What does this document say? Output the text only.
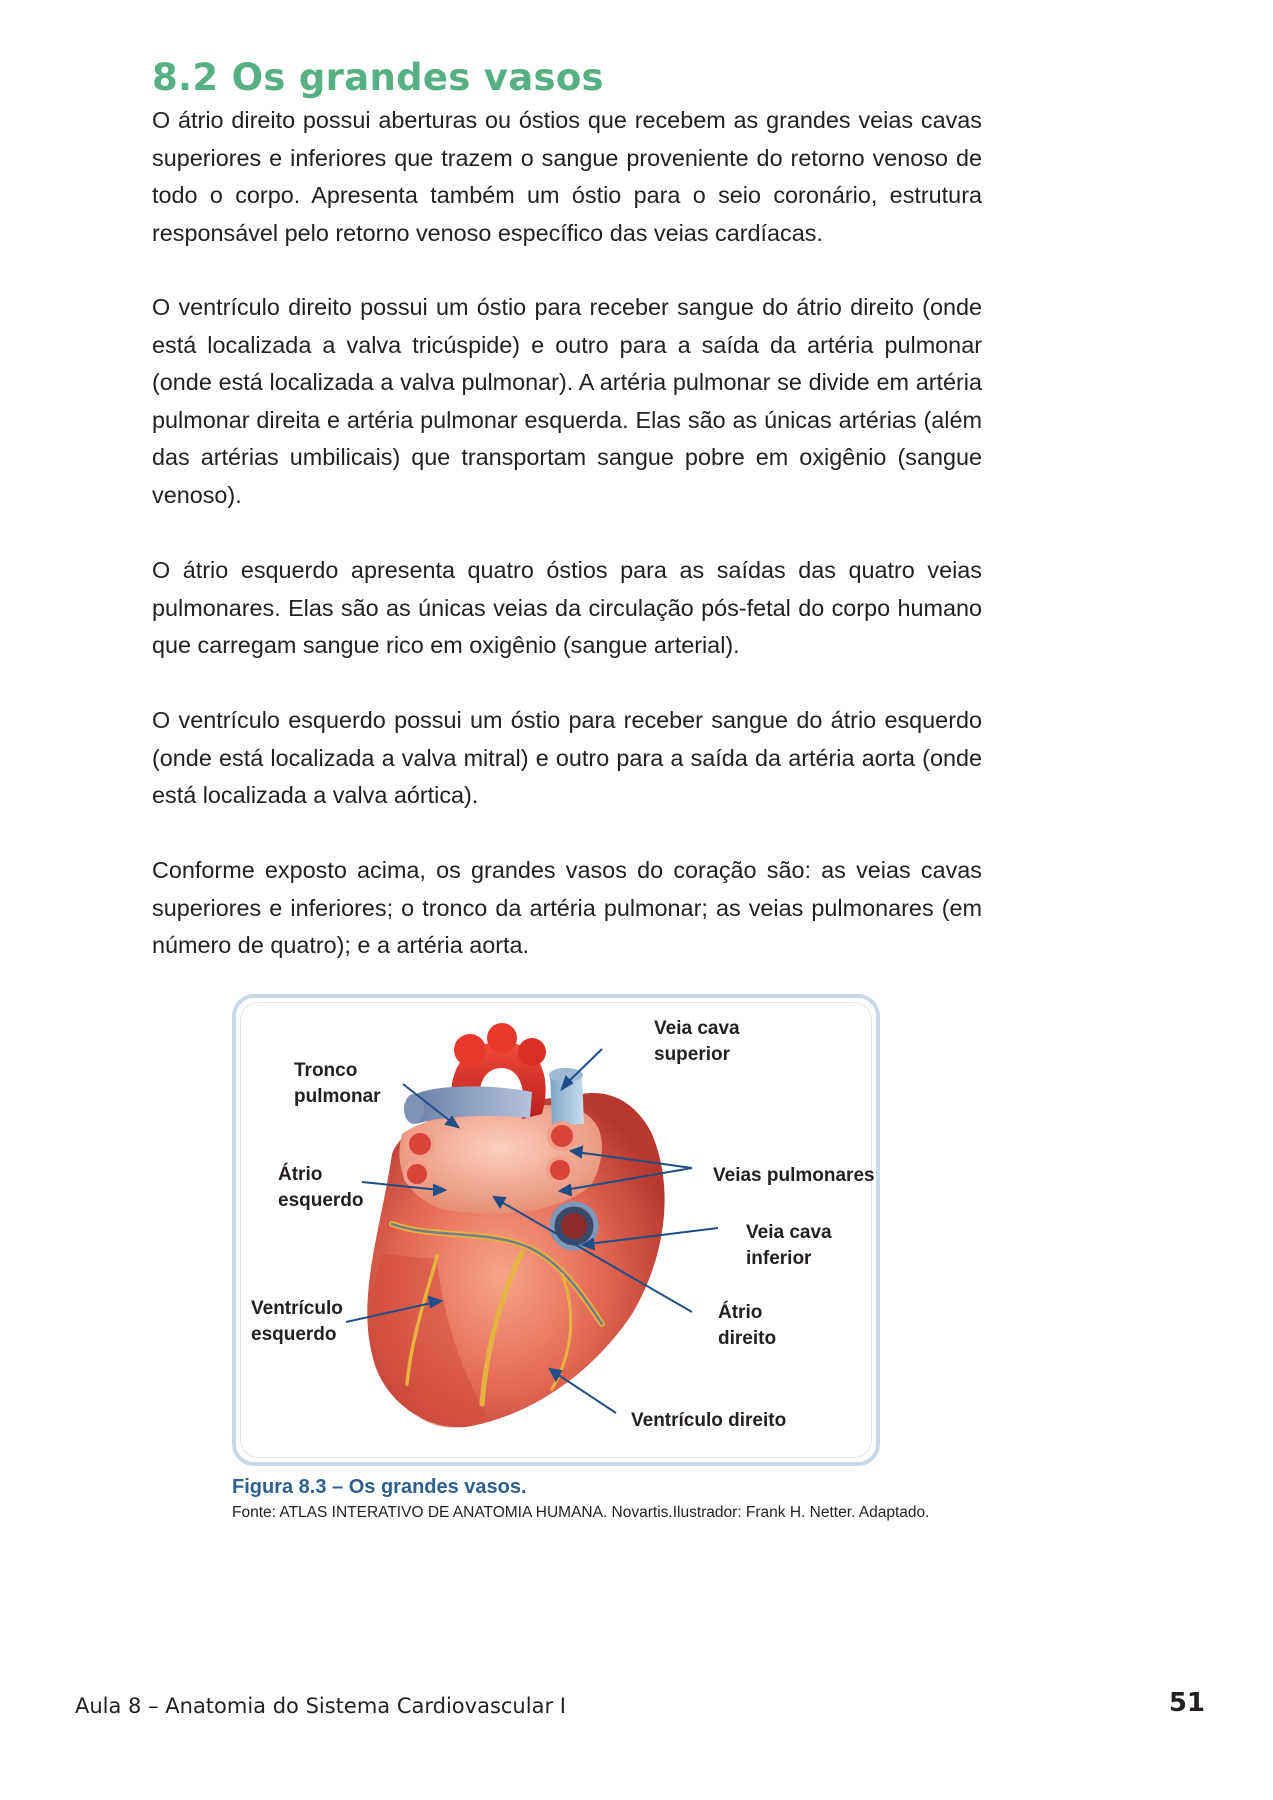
8.2 Os grandes vasos

O átrio direito possui aberturas ou óstios que recebem as grandes veias cavas superiores e inferiores que trazem o sangue proveniente do retorno venoso de todo o corpo. Apresenta também um óstio para o seio coronário, estrutura responsável pelo retorno venoso específico das veias cardíacas.

O ventrículo direito possui um óstio para receber sangue do átrio direito (onde está localizada a valva tricúspide) e outro para a saída da artéria pulmonar (onde está localizada a valva pulmonar). A artéria pulmonar se divide em artéria pulmonar direita e artéria pulmonar esquerda. Elas são as únicas artérias (além das artérias umbilicais) que transportam sangue pobre em oxigênio (sangue venoso).

O átrio esquerdo apresenta quatro óstios para as saídas das quatro veias pulmonares. Elas são as únicas veias da circulação pós-fetal do corpo humano que carregam sangue rico em oxigênio (sangue arterial).

O ventrículo esquerdo possui um óstio para receber sangue do átrio esquerdo (onde está localizada a valva mitral) e outro para a saída da artéria aorta (onde está localizada a valva aórtica).

Conforme exposto acima, os grandes vasos do coração são: as veias cavas superiores e inferiores; o tronco da artéria pulmonar; as veias pulmonares (em número de quatro); e a artéria aorta.

Tronco
pulmonar
Veia cava
superior
Átrio
esquerdo
Veias pulmonares
Veia cava
inferior
Ventrículo
esquerdo
Átrio
direito
Ventrículo direito
Figura 8.3 – Os grandes vasos.
Fonte: ATLAS INTERATIVO DE ANATOMIA HUMANA. Novartis.Ilustrador: Frank H. Netter. Adaptado.
Aula 8 – Anatomia do Sistema Cardiovascular I	51
